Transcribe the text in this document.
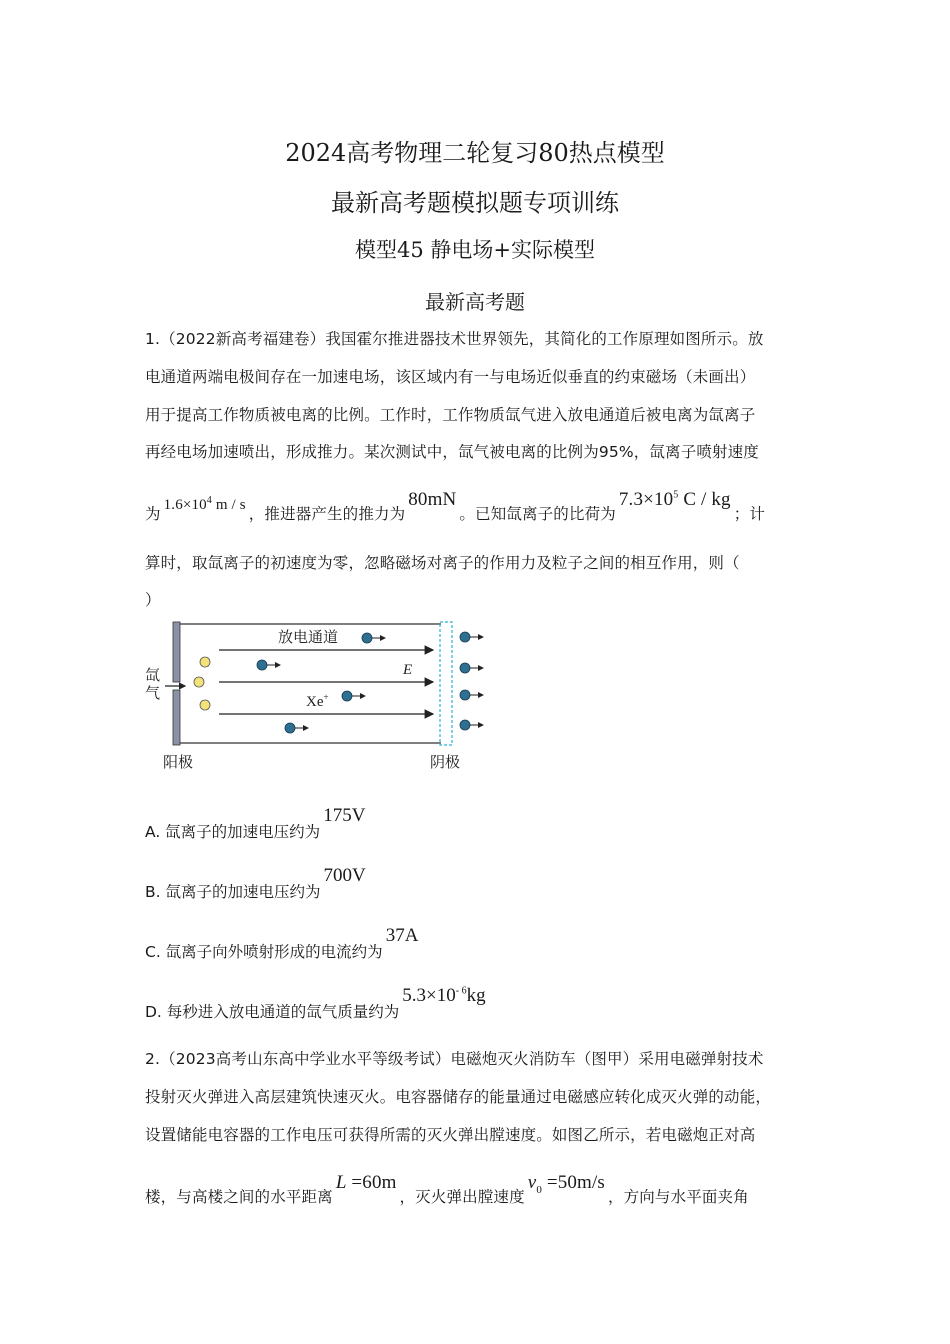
2024高考物理二轮复习80热点模型
最新高考题模拟题专项训练
模型45 静电场+实际模型
最新高考题
1.（2022新高考福建卷）我国霍尔推进器技术世界领先，其简化的工作原理如图所示。放
电通道两端电极间存在一加速电场，该区域内有一与电场近似垂直的约束磁场（未画出）
用于提高工作物质被电离的比例。工作时，工作物质氙气进入放电通道后被电离为氙离子
再经电场加速喷出，形成推力。某次测试中，氙气被电离的比例为95%，氙离子喷射速度
为 $1.6\times 10^4$ m / s ，推进器产生的推力为80mN。已知氙离子的比荷为$7.3\times 10^5$ C / kg；计
算时，取氙离子的初速度为零，忽略磁场对离子的作用力及粒子之间的相互作用，则（
）
放电通道
E
Xe+
氙
气
阳极	阴极
A. 氙离子的加速电压约为175V
B. 氙离子的加速电压约为700V
C. 氙离子向外喷射形成的电流约为37A
D. 每秒进入放电通道的氙气质量约为$5.3\times 10^{- 6}kg$
2.（2023高考山东高中学业水平等级考试）电磁炮灭火消防车（图甲）采用电磁弹射技术
投射灭火弹进入高层建筑快速灭火。电容器储存的能量通过电磁感应转化成灭火弹的动能，
设置储能电容器的工作电压可获得所需的灭火弹出膛速度。如图乙所示，若电磁炮正对高
楼，与高楼之间的水平距离L =60m，灭火弹出膛速度$v_0 =50m/s$，方向与水平面夹角
